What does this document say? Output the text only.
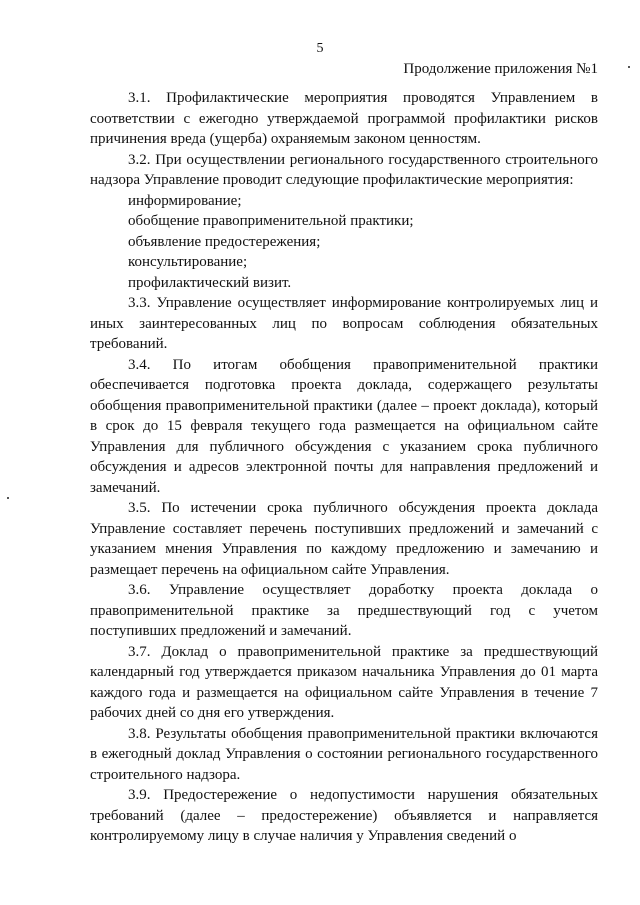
5
Продолжение приложения №1

3.1. Профилактические мероприятия проводятся Управлением в соответствии с ежегодно утверждаемой программой профилактики рисков причинения вреда (ущерба) охраняемым законом ценностям.

3.2. При осуществлении регионального государственного строительного надзора Управление проводит следующие профилактические мероприятия:

информирование;
обобщение правоприменительной практики;
объявление предостережения;
консультирование;
профилактический визит.

3.3. Управление осуществляет информирование контролируемых лиц и иных заинтересованных лиц по вопросам соблюдения обязательных требований.

3.4. По итогам обобщения правоприменительной практики обеспечивается подготовка проекта доклада, содержащего результаты обобщения правоприменительной практики (далее – проект доклада), который в срок до 15 февраля текущего года размещается на официальном сайте Управления для публичного обсуждения с указанием срока публичного обсуждения и адресов электронной почты для направления предложений и замечаний.

3.5. По истечении срока публичного обсуждения проекта доклада Управление составляет перечень поступивших предложений и замечаний с указанием мнения Управления по каждому предложению и замечанию и размещает перечень на официальном сайте Управления.

3.6. Управление осуществляет доработку проекта доклада о правоприменительной практике за предшествующий год с учетом поступивших предложений и замечаний.

3.7. Доклад о правоприменительной практике за предшествующий календарный год утверждается приказом начальника Управления до 01 марта каждого года и размещается на официальном сайте Управления в течение 7 рабочих дней со дня его утверждения.

3.8. Результаты обобщения правоприменительной практики включаются в ежегодный доклад Управления о состоянии регионального государственного строительного надзора.

3.9. Предостережение о недопустимости нарушения обязательных требований (далее – предостережение) объявляется и направляется контролируемому лицу в случае наличия у Управления сведений о
